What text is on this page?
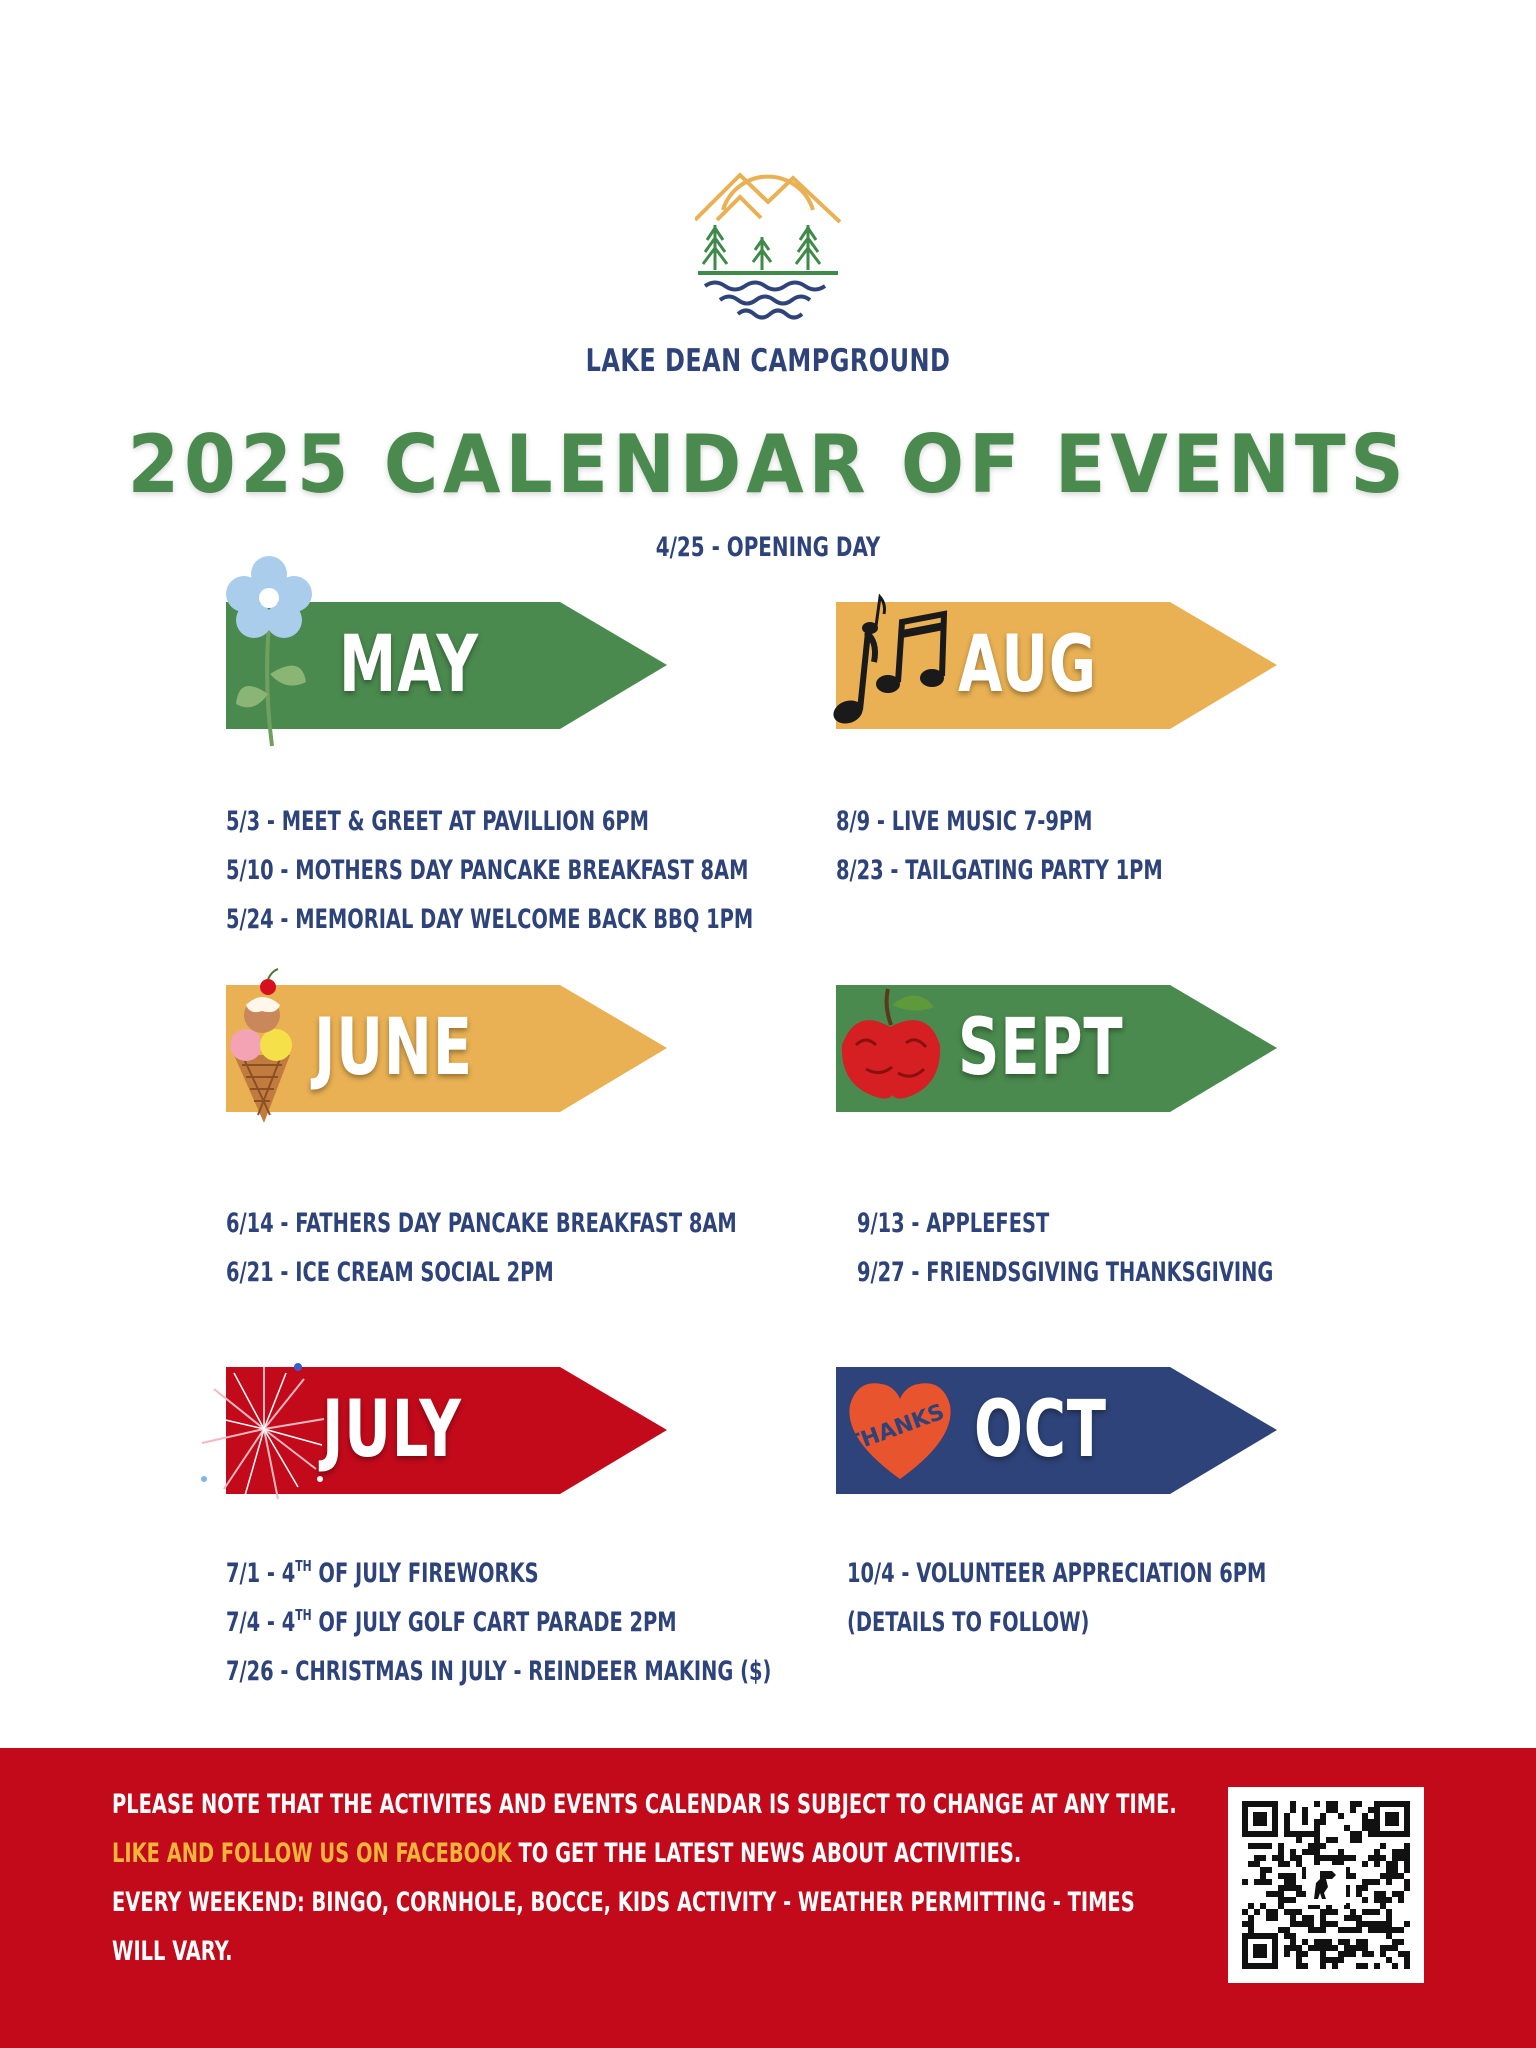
LAKE DEAN CAMPGROUND
2025 CALENDAR OF EVENTS
4/25 - OPENING DAY
MAY	AUG
5/3 - MEET & GREET AT PAVILLION 6PM
5/10 - MOTHERS DAY PANCAKE BREAKFAST 8AM
5/24 - MEMORIAL DAY WELCOME BACK BBQ 1PM
8/9 - LIVE MUSIC 7-9PM
8/23 - TAILGATING PARTY 1PM
JUNE	SEPT
6/14 - FATHERS DAY PANCAKE BREAKFAST 8AM
6/21 - ICE CREAM SOCIAL 2PM
9/13 - APPLEFEST
9/27 - FRIENDSGIVING THANKSGIVING
JULY	THANKS OCT
7/1 - 4TH OF JULY FIREWORKS
7/4 - 4TH OF JULY GOLF CART PARADE 2PM
7/26 - CHRISTMAS IN JULY - REINDEER MAKING ($)
10/4 - VOLUNTEER APPRECIATION 6PM
(DETAILS TO FOLLOW)
PLEASE NOTE THAT THE ACTIVITES AND EVENTS CALENDAR IS SUBJECT TO CHANGE AT ANY TIME.
LIKE AND FOLLOW US ON FACEBOOK TO GET THE LATEST NEWS ABOUT ACTIVITIES.
EVERY WEEKEND: BINGO, CORNHOLE, BOCCE, KIDS ACTIVITY - WEATHER PERMITTING - TIMES
WILL VARY.
